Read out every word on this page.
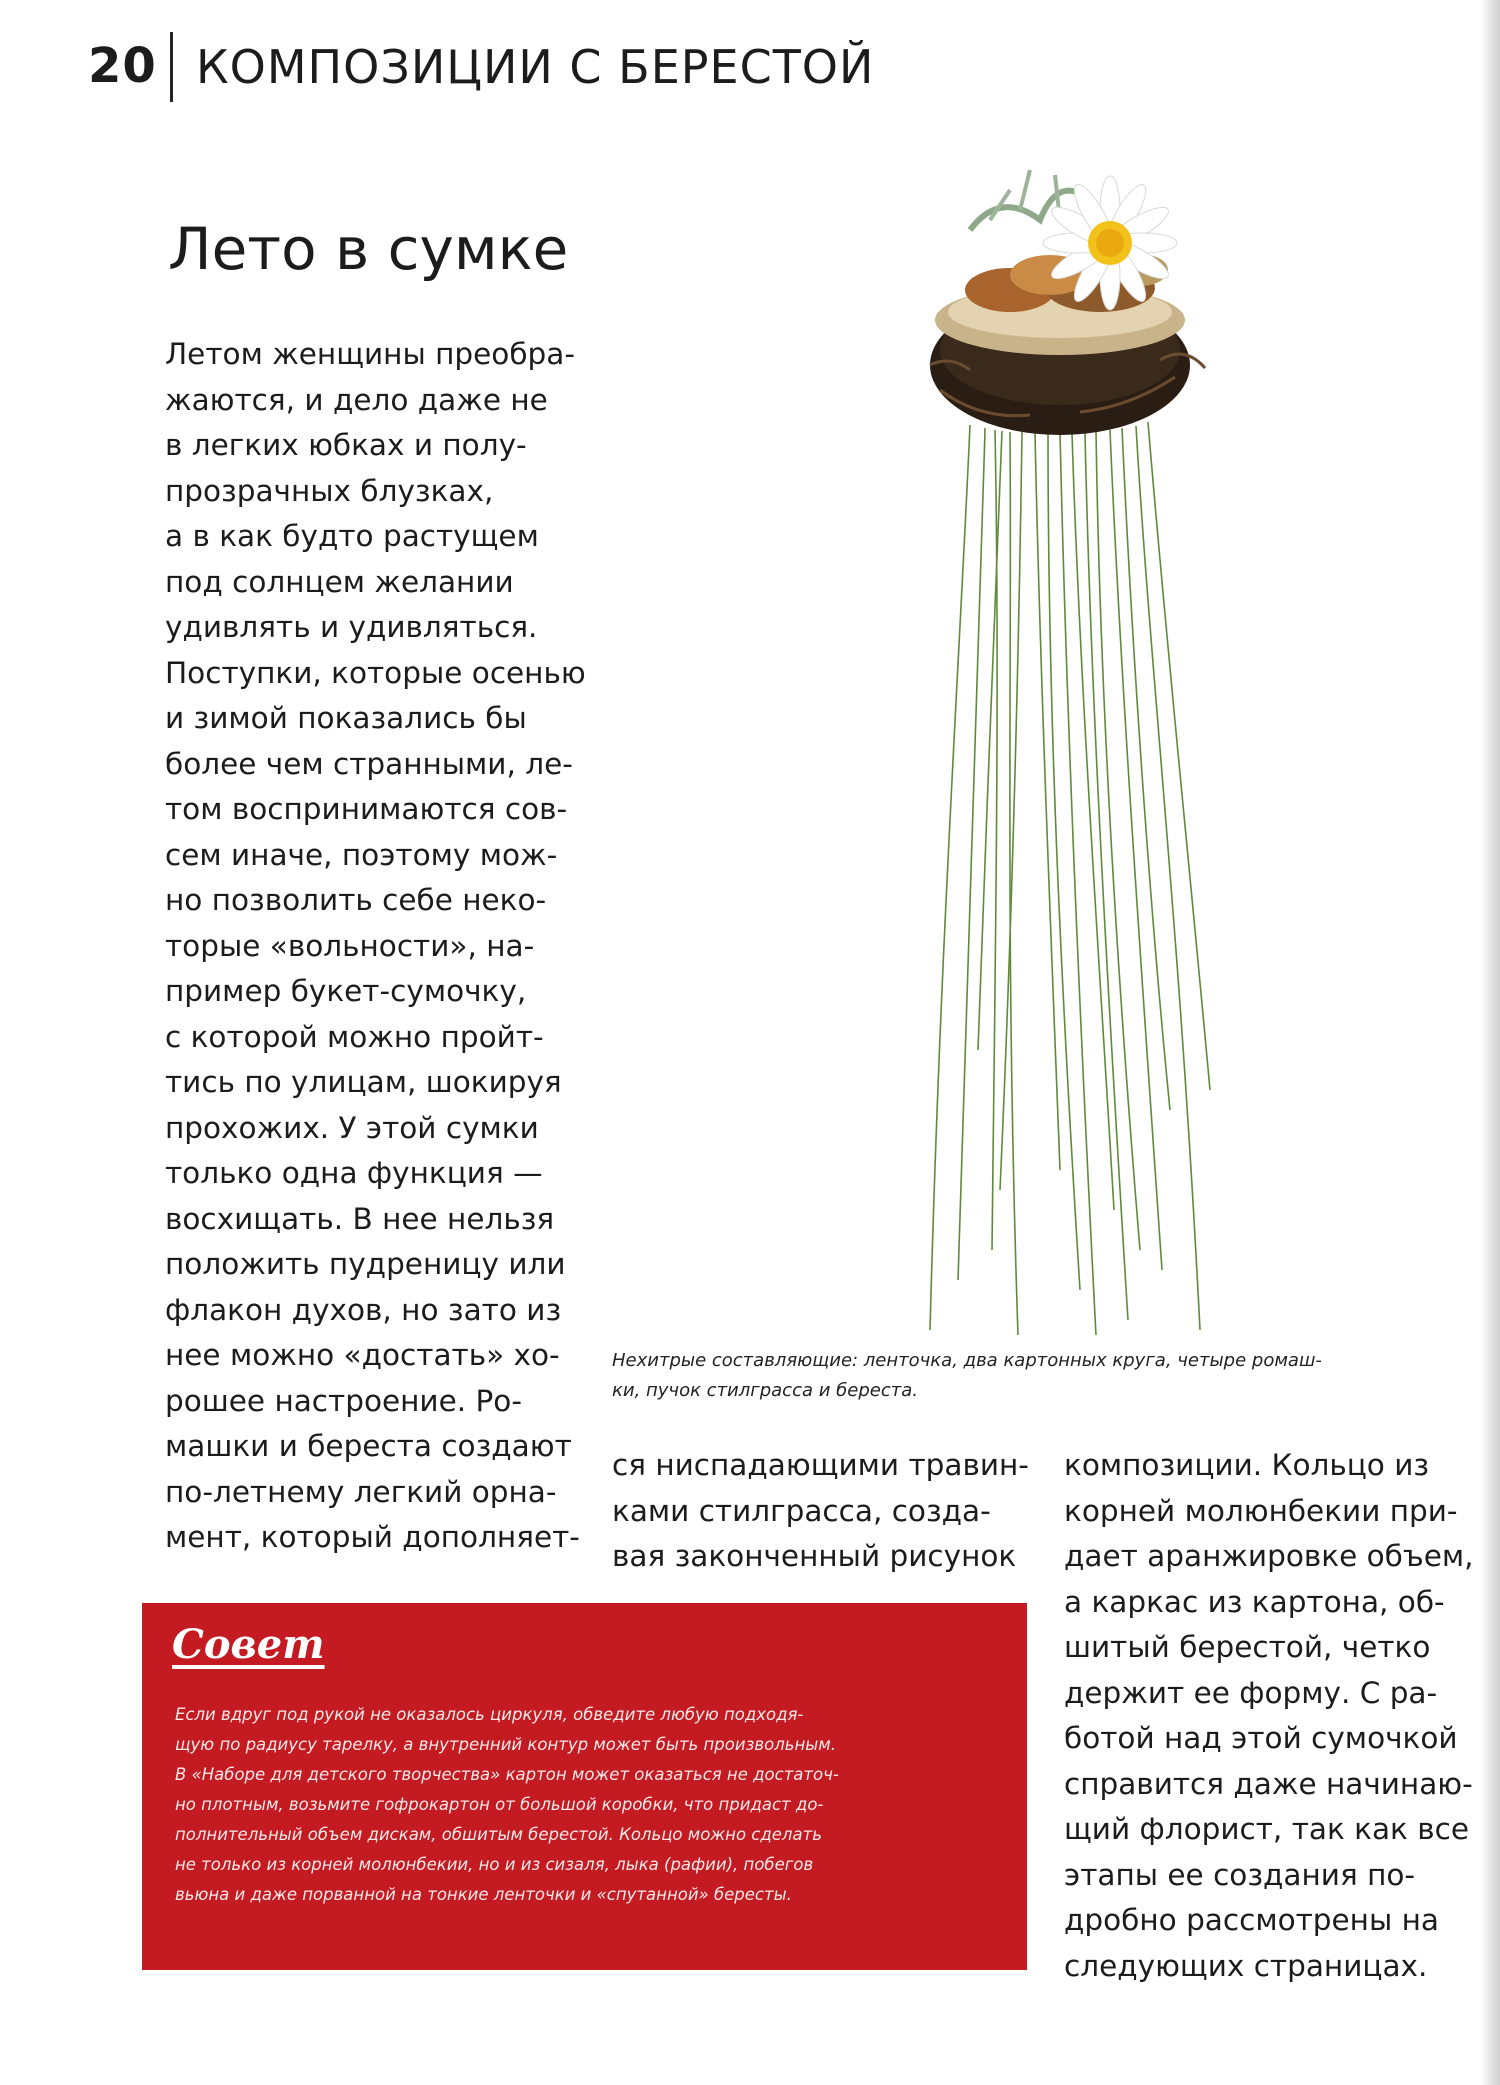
20 КОМПОЗИЦИИ С БЕРЕСТОЙ
Лето в сумке
Летом женщины преобра-
жаются, и дело даже не
в легких юбках и полу-
прозрачных блузках,
а в как будто растущем
под солнцем желании
удивлять и удивляться.
Поступки, которые осенью
и зимой показались бы
более чем странными, ле-
том воспринимаются сов-
сем иначе, поэтому мож-
но позволить себе неко-
торые «вольности», на-
пример букет-сумочку,
с которой можно пройт-
тись по улицам, шокируя
прохожих. У этой сумки
только одна функция —
восхищать. В нее нельзя
положить пудреницу или
флакон духов, но зато из
нее можно «достать» хо-
рошее настроение. Ро-
машки и береста создают
по-летнему легкий орна-
мент, который дополняет-
Нехитрые составляющие: ленточка, два картонных круга, четыре ромаш-
ки, пучок стилграсса и береста.
ся ниспадающими травин-
ками стилграсса, созда-
вая законченный рисунок
композиции. Кольцо из
корней молюнбекии при-
дает аранжировке объем,
а каркас из картона, об-
шитый берестой, четко
держит ее форму. С ра-
ботой над этой сумочкой
справится даже начинаю-
щий флорист, так как все
этапы ее создания по-
дробно рассмотрены на
следующих страницах.
Совет
Если вдруг под рукой не оказалось циркуля, обведите любую подходя-
щую по радиусу тарелку, а внутренний контур может быть произвольным.
В «Наборе для детского творчества» картон может оказаться не достаточ-
но плотным, возьмите гофрокартон от большой коробки, что придаст до-
полнительный объем дискам, обшитым берестой. Кольцо можно сделать
не только из корней молюнбекии, но и из сизаля, лыка (рафии), побегов
вьюна и даже порванной на тонкие ленточки и «спутанной» бересты.
